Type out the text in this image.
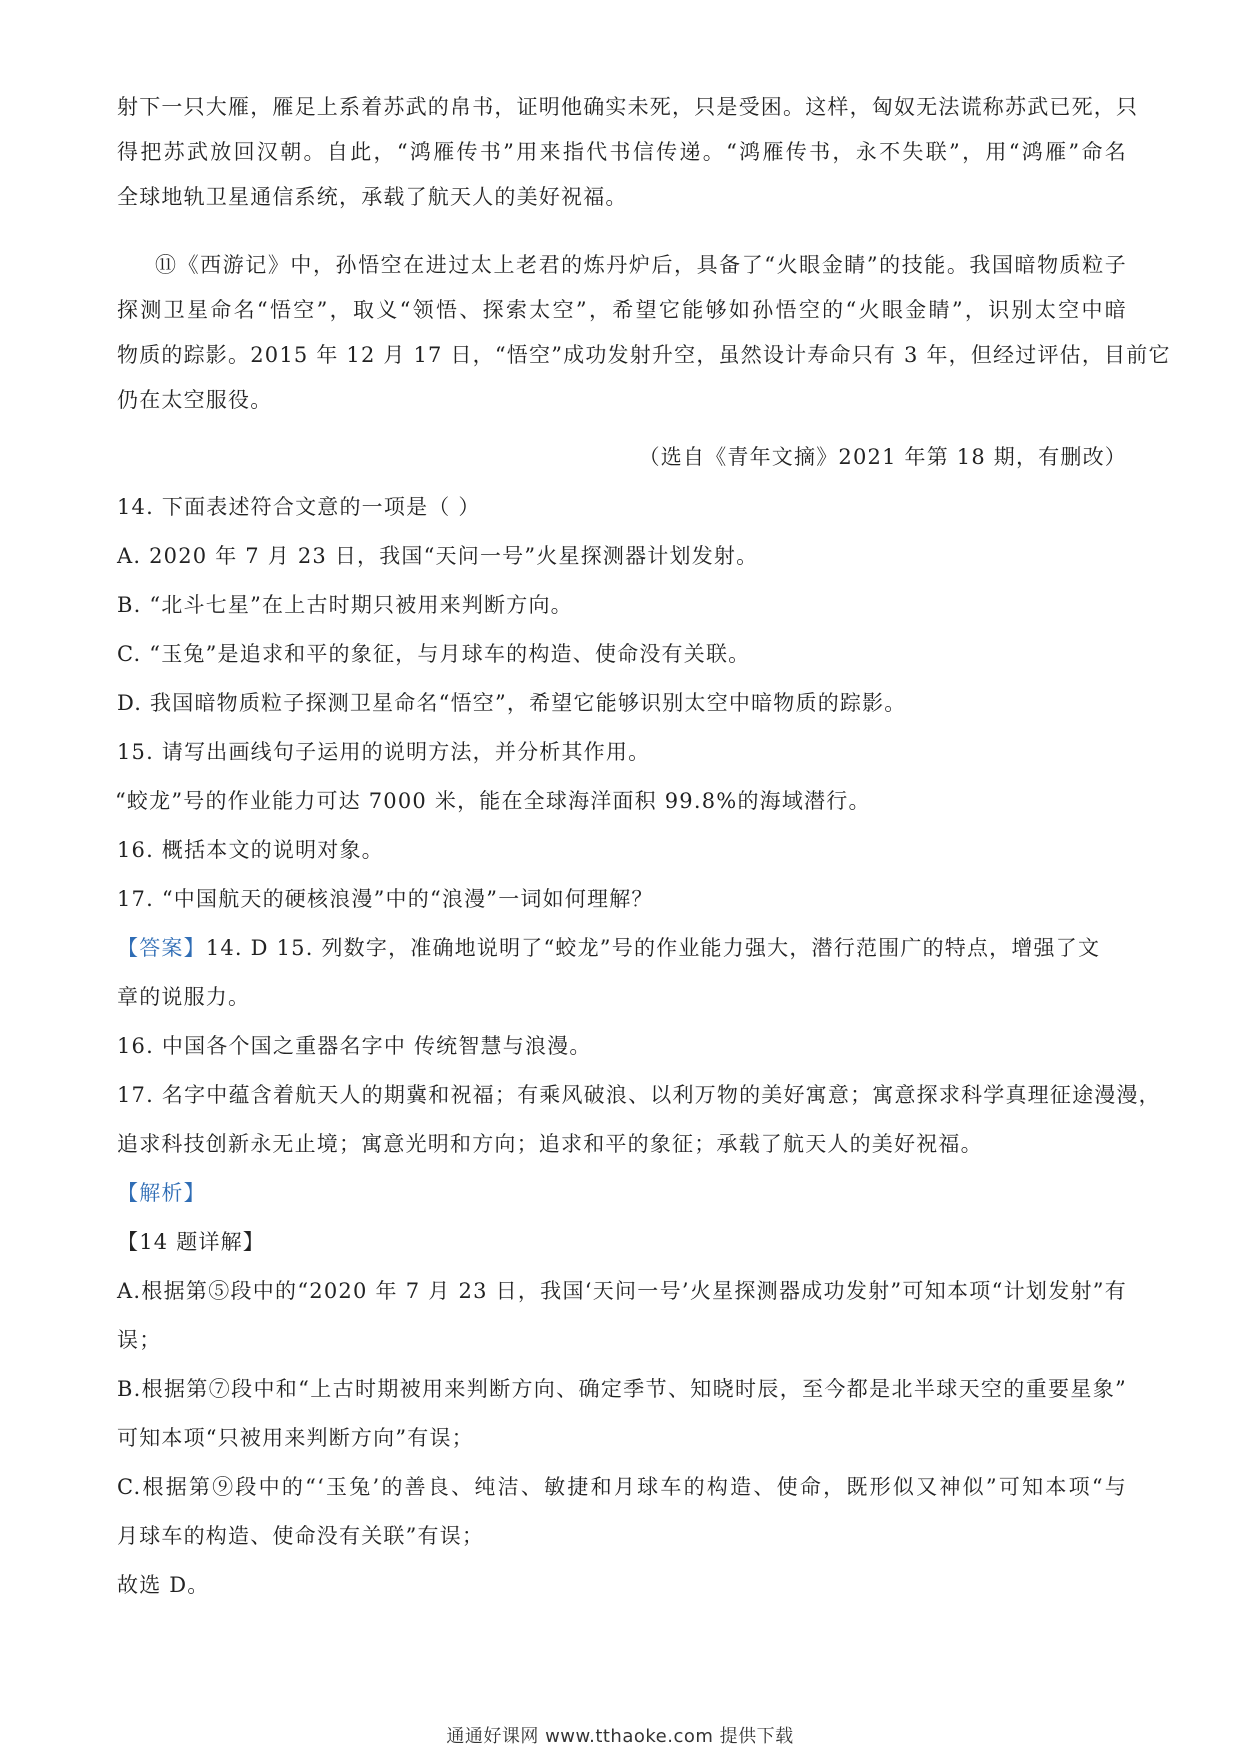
射下一只大雁，雁足上系着苏武的帛书，证明他确实未死，只是受困。这样，匈奴无法谎称苏武已死，只
得把苏武放回汉朝。自此，“鸿雁传书”用来指代书信传递。“鸿雁传书，永不失联”，用“鸿雁”命名
全球地轨卫星通信系统，承载了航天人的美好祝福。
⑪《西游记》中，孙悟空在进过太上老君的炼丹炉后，具备了“火眼金睛”的技能。我国暗物质粒子
探测卫星命名“悟空”，取义“领悟、探索太空”，希望它能够如孙悟空的“火眼金睛”，识别太空中暗
物质的踪影。2015 年 12 月 17 日，“悟空”成功发射升空，虽然设计寿命只有 3 年，但经过评估，目前它
仍在太空服役。
（选自《青年文摘》2021 年第 18 期，有删改）
14. 下面表述符合文意的一项是（ ）
A. 2020 年 7 月 23 日，我国“天问一号”火星探测器计划发射。
B. “北斗七星”在上古时期只被用来判断方向。
C. “玉兔”是追求和平的象征，与月球车的构造、使命没有关联。
D. 我国暗物质粒子探测卫星命名“悟空”，希望它能够识别太空中暗物质的踪影。
15. 请写出画线句子运用的说明方法，并分析其作用。
“蛟龙”号的作业能力可达 7000 米，能在全球海洋面积 99.8%的海域潜行。
16. 概括本文的说明对象。
17. “中国航天的硬核浪漫”中的“浪漫”一词如何理解？
【答案】14. D 15. 列数字，准确地说明了“蛟龙”号的作业能力强大，潜行范围广的特点，增强了文
章的说服力。
16. 中国各个国之重器名字中 传统智慧与浪漫。
17. 名字中蕴含着航天人的期冀和祝福；有乘风破浪、以利万物的美好寓意；寓意探求科学真理征途漫漫，
追求科技创新永无止境；寓意光明和方向；追求和平的象征；承载了航天人的美好祝福。
【解析】
【14 题详解】
A.根据第⑤段中的“2020 年 7 月 23 日，我国‘天问一号’火星探测器成功发射”可知本项“计划发射”有
误；
B.根据第⑦段中和“上古时期被用来判断方向、确定季节、知晓时辰，至今都是北半球天空的重要星象”
可知本项“只被用来判断方向”有误；
C.根据第⑨段中的“‘玉兔’的善良、纯洁、敏捷和月球车的构造、使命，既形似又神似”可知本项“与
月球车的构造、使命没有关联”有误；
故选 D。
通通好课网 www.tthaoke.com 提供下载
